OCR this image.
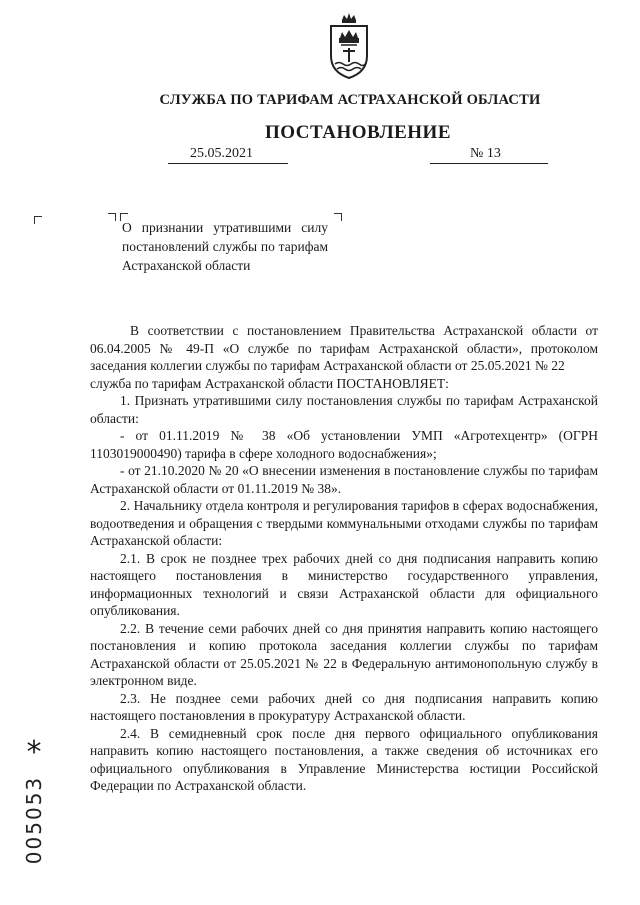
СЛУЖБА ПО ТАРИФАМ АСТРАХАНСКОЙ ОБЛАСТИ
ПОСТАНОВЛЕНИЕ
25.05.2021	№ 13
О признании утратившими силу постановлений службы по тарифам Астраханской области

В соответствии с постановлением Правительства Астраханской области от 06.04.2005 № 49-П «О службе по тарифам Астраханской области», протоколом заседания коллегии службы по тарифам Астраханской области от 25.05.2021 № 22

служба по тарифам Астраханской области ПОСТАНОВЛЯЕТ:

1. Признать утратившими силу постановления службы по тарифам Астраханской области:

- от 01.11.2019 № 38 «Об установлении УМП «Агротехцентр» (ОГРН 1103019000490) тарифа в сфере холодного водоснабжения»;

- от 21.10.2020 № 20 «О внесении изменения в постановление службы по тарифам Астраханской области от 01.11.2019 № 38».

2. Начальнику отдела контроля и регулирования тарифов в сферах водоснабжения, водоотведения и обращения с твердыми коммунальными отходами службы по тарифам Астраханской области:

2.1. В срок не позднее трех рабочих дней со дня подписания направить копию настоящего постановления в министерство государственного управления, информационных технологий и связи Астраханской области для официального опубликования.

2.2. В течение семи рабочих дней со дня принятия направить копию настоящего постановления и копию протокола заседания коллегии службы по тарифам Астраханской области от 25.05.2021 № 22 в Федеральную антимонопольную службу в электронном виде.

2.3. Не позднее семи рабочих дней со дня подписания направить копию настоящего постановления в прокуратуру Астраханской области.

2.4. В семидневный срок после дня первого официального опубликования направить копию настоящего постановления, а также сведения об источниках его официального опубликования в Управление Министерства юстиции Российской Федерации по Астраханской области.

*
005053
